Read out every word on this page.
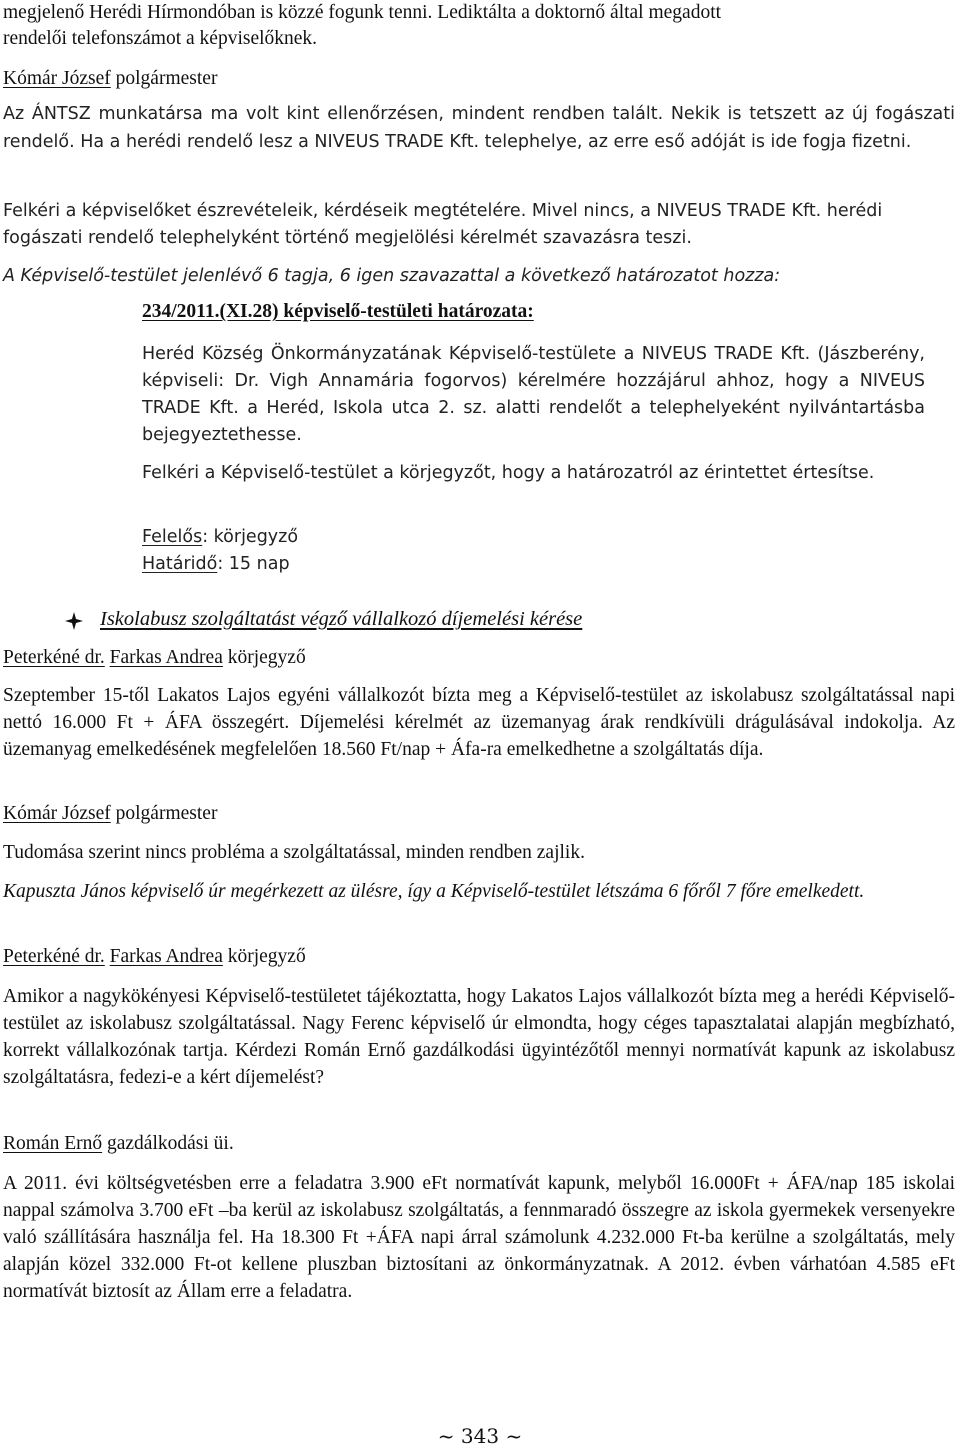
megjelenő Herédi Hírmondóban is közzé fogunk tenni. Lediktálta a doktornő által megadott

rendelői telefonszámot a képviselőknek.

Kómár József polgármester

Az ÁNTSZ munkatársa ma volt kint ellenőrzésen, mindent rendben talált. Nekik is tetszett az új fogászati rendelő. Ha a herédi rendelő lesz a NIVEUS TRADE Kft. telephelye, az erre eső adóját is ide fogja fizetni.

Felkéri a képviselőket észrevételeik, kérdéseik megtételére. Mivel nincs, a NIVEUS TRADE Kft. herédi fogászati rendelő telephelyként történő megjelölési kérelmét szavazásra teszi.

A Képviselő-testület jelenlévő 6 tagja, 6 igen szavazattal a következő határozatot hozza:

234/2011.(XI.28) képviselő-testületi határozata:

Heréd Község Önkormányzatának Képviselő-testülete a NIVEUS TRADE Kft. (Jászberény, képviseli: Dr. Vigh Annamária fogorvos) kérelmére hozzájárul ahhoz, hogy a NIVEUS TRADE Kft. a Heréd, Iskola utca 2. sz. alatti rendelőt a telephelyeként nyilvántartásba bejegyeztethesse.

Felkéri a Képviselő-testület a körjegyzőt, hogy a határozatról az érintettet értesítse.

Felelős: körjegyző

Határidő: 15 nap

Iskolabusz szolgáltatást végző vállalkozó díjemelési kérése

Peterkéné dr. Farkas Andrea körjegyző

Szeptember 15-től Lakatos Lajos egyéni vállalkozót bízta meg a Képviselő-testület az iskolabusz szolgáltatással napi nettó 16.000 Ft + ÁFA összegért. Díjemelési kérelmét az üzemanyag árak rendkívüli drágulásával indokolja. Az üzemanyag emelkedésének megfelelően 18.560 Ft/nap + Áfa-ra emelkedhetne a szolgáltatás díja.

Kómár József polgármester

Tudomása szerint nincs probléma a szolgáltatással, minden rendben zajlik.

Kapuszta János képviselő úr megérkezett az ülésre, így a Képviselő-testület létszáma 6 főről 7 főre emelkedett.

Peterkéné dr. Farkas Andrea körjegyző

Amikor a nagykökényesi Képviselő-testületet tájékoztatta, hogy Lakatos Lajos vállalkozót bízta meg a herédi Képviselő-testület az iskolabusz szolgáltatással. Nagy Ferenc képviselő úr elmondta, hogy céges tapasztalatai alapján megbízható, korrekt vállalkozónak tartja. Kérdezi Román Ernő gazdálkodási ügyintézőtől mennyi normatívát kapunk az iskolabusz szolgáltatásra, fedezi-e a kért díjemelést?

Román Ernő gazdálkodási üi.

A 2011. évi költségvetésben erre a feladatra 3.900 eFt normatívát kapunk, melyből 16.000Ft + ÁFA/nap 185 iskolai nappal számolva 3.700 eFt –ba kerül az iskolabusz szolgáltatás, a fennmaradó összegre az iskola gyermekek versenyekre való szállítására használja fel. Ha 18.300 Ft +ÁFA napi árral számolunk 4.232.000 Ft-ba kerülne a szolgáltatás, mely alapján közel 332.000 Ft-ot kellene pluszban biztosítani az önkormányzatnak. A 2012. évben várhatóan 4.585 eFt normatívát biztosít az Állam erre a feladatra.

~ 343 ~
